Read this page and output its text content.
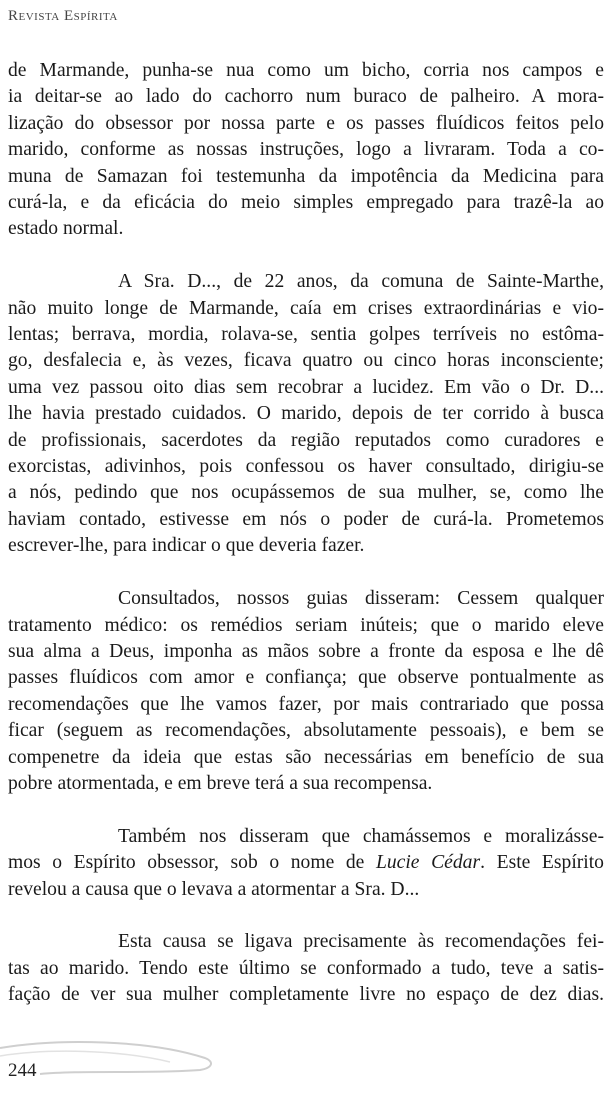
Revista Espírita
de Marmande, punha-se nua como um bicho, corria nos campos e
ia deitar-se ao lado do cachorro num buraco de palheiro. A mora-
lização do obsessor por nossa parte e os passes fluídicos feitos pelo
marido, conforme as nossas instruções, logo a livraram. Toda a co-
muna de Samazan foi testemunha da impotência da Medicina para
curá-la, e da eficácia do meio simples empregado para trazê-la ao
estado normal.
A Sra. D..., de 22 anos, da comuna de Sainte-Marthe,
não muito longe de Marmande, caía em crises extraordinárias e vio-
lentas; berrava, mordia, rolava-se, sentia golpes terríveis no estôma-
go, desfalecia e, às vezes, ficava quatro ou cinco horas inconsciente;
uma vez passou oito dias sem recobrar a lucidez. Em vão o Dr. D...
lhe havia prestado cuidados. O marido, depois de ter corrido à busca
de profissionais, sacerdotes da região reputados como curadores e
exorcistas, adivinhos, pois confessou os haver consultado, dirigiu-se
a nós, pedindo que nos ocupássemos de sua mulher, se, como lhe
haviam contado, estivesse em nós o poder de curá-la. Prometemos
escrever-lhe, para indicar o que deveria fazer.
Consultados, nossos guias disseram: Cessem qualquer
tratamento médico: os remédios seriam inúteis; que o marido eleve
sua alma a Deus, imponha as mãos sobre a fronte da esposa e lhe dê
passes fluídicos com amor e confiança; que observe pontualmente as
recomendações que lhe vamos fazer, por mais contrariado que possa
ficar (seguem as recomendações, absolutamente pessoais), e bem se
compenetre da ideia que estas são necessárias em benefício de sua
pobre atormentada, e em breve terá a sua recompensa.
Também nos disseram que chamássemos e moralizásse-
mos o Espírito obsessor, sob o nome de Lucie Cédar. Este Espírito
revelou a causa que o levava a atormentar a Sra. D...
Esta causa se ligava precisamente às recomendações fei-
tas ao marido. Tendo este último se conformado a tudo, teve a satis-
fação de ver sua mulher completamente livre no espaço de dez dias.
244
